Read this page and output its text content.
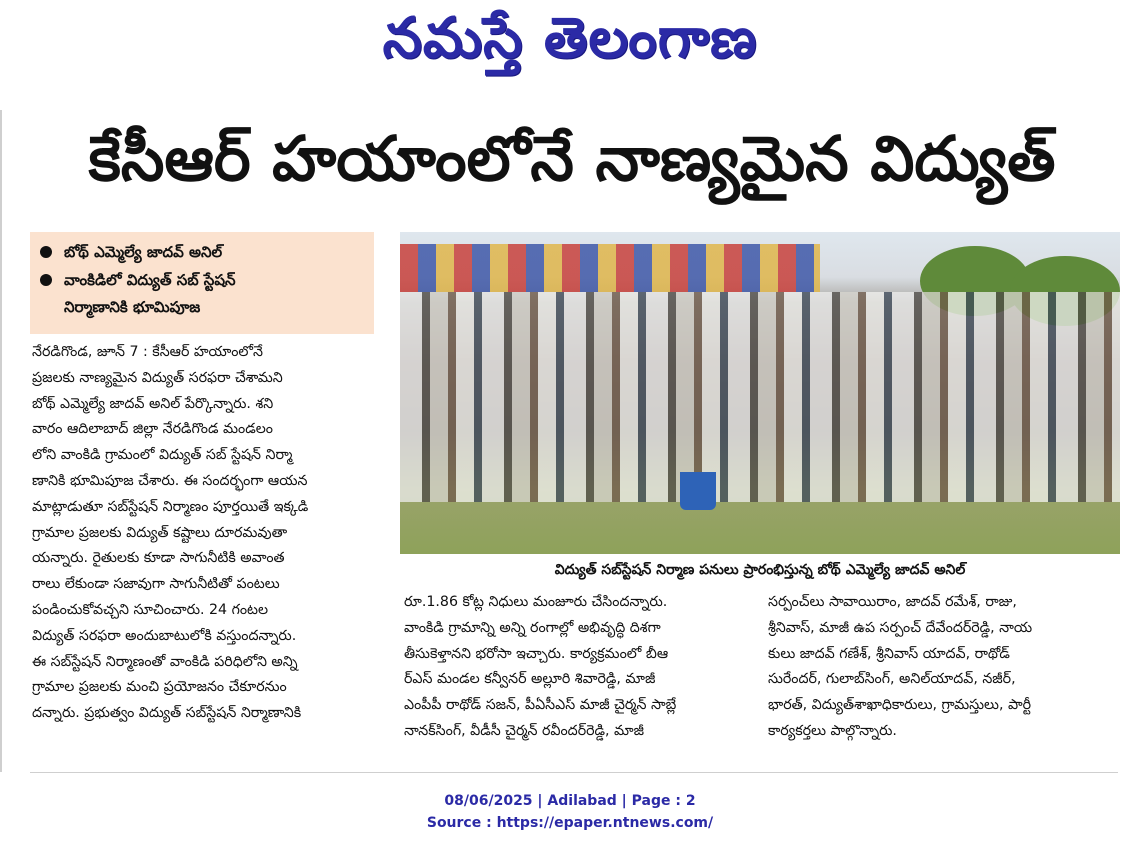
నమస్తే తెలంగాణ
కేసీఆర్ హయాంలోనే నాణ్యమైన విద్యుత్
బోథ్ ఎమ్మెల్యే జాదవ్ అనిల్
వాంకిడిలో విద్యుత్ సబ్ స్టేషన్
నిర్మాణానికి భూమిపూజ
విద్యుత్ సబ్‌స్టేషన్ నిర్మాణ పనులు ప్రారంభిస్తున్న బోథ్ ఎమ్మెల్యే జాదవ్ అనిల్
నేరడిగొండ, జూన్ 7 : కేసీఆర్ హయాంలోనే
ప్రజలకు నాణ్యమైన విద్యుత్ సరఫరా చేశామని
బోథ్ ఎమ్మెల్యే జాదవ్ అనిల్ పేర్కొన్నారు. శని
వారం ఆదిలాబాద్ జిల్లా నేరడిగొండ మండలం
లోని వాంకిడి గ్రామంలో విద్యుత్ సబ్ స్టేషన్ నిర్మా
ణానికి భూమిపూజ చేశారు. ఈ సందర్భంగా ఆయన
మాట్లాడుతూ సబ్‌స్టేషన్ నిర్మాణం పూర్తయితే ఇక్కడి
గ్రామాల ప్రజలకు విద్యుత్ కష్టాలు దూరమవుతా
యన్నారు. రైతులకు కూడా సాగునీటికి అవాంత
రాలు లేకుండా సజావుగా సాగునీటితో పంటలు
పండించుకోవచ్చని సూచించారు. 24 గంటల
విద్యుత్ సరఫరా అందుబాటులోకి వస్తుందన్నారు.
ఈ సబ్‌స్టేషన్ నిర్మాణంతో వాంకిడి పరిధిలోని అన్ని
గ్రామాల ప్రజలకు మంచి ప్రయోజనం చేకూరనుం
దన్నారు. ప్రభుత్వం విద్యుత్ సబ్‌స్టేషన్ నిర్మాణానికి
రూ.1.86 కోట్ల నిధులు మంజూరు చేసిందన్నారు.
వాంకిడి గ్రామాన్ని అన్ని రంగాల్లో అభివృద్ధి దిశగా
తీసుకెళ్తానని భరోసా ఇచ్చారు. కార్యక్రమంలో బీఆ
ర్‌ఎస్ మండల కన్వీనర్ అల్లూరి శివారెడ్డి, మాజీ
ఎంపీపీ రాథోడ్ సజన్, పీఏసీఎస్ మాజీ చైర్మన్ సాబ్లే
నానక్‌సింగ్, వీడీసీ చైర్మన్ రవీందర్‌రెడ్డి, మాజీ
సర్పంచ్‌లు సావాయిరాం, జాదవ్ రమేశ్, రాజు,
శ్రీనివాస్, మాజీ ఉప సర్పంచ్ దేవేందర్‌రెడ్డి, నాయ
కులు జాదవ్ గణేశ్, శ్రీనివాస్ యాదవ్, రాథోడ్
సురేందర్, గులాబ్‌సింగ్, అనిల్‌యాదవ్, నజీర్,
భారత్, విద్యుత్‌శాఖాధికారులు, గ్రామస్తులు, పార్టీ
కార్యకర్తలు పాల్గొన్నారు.
08/06/2025 | Adilabad | Page : 2
Source : https://epaper.ntnews.com/
